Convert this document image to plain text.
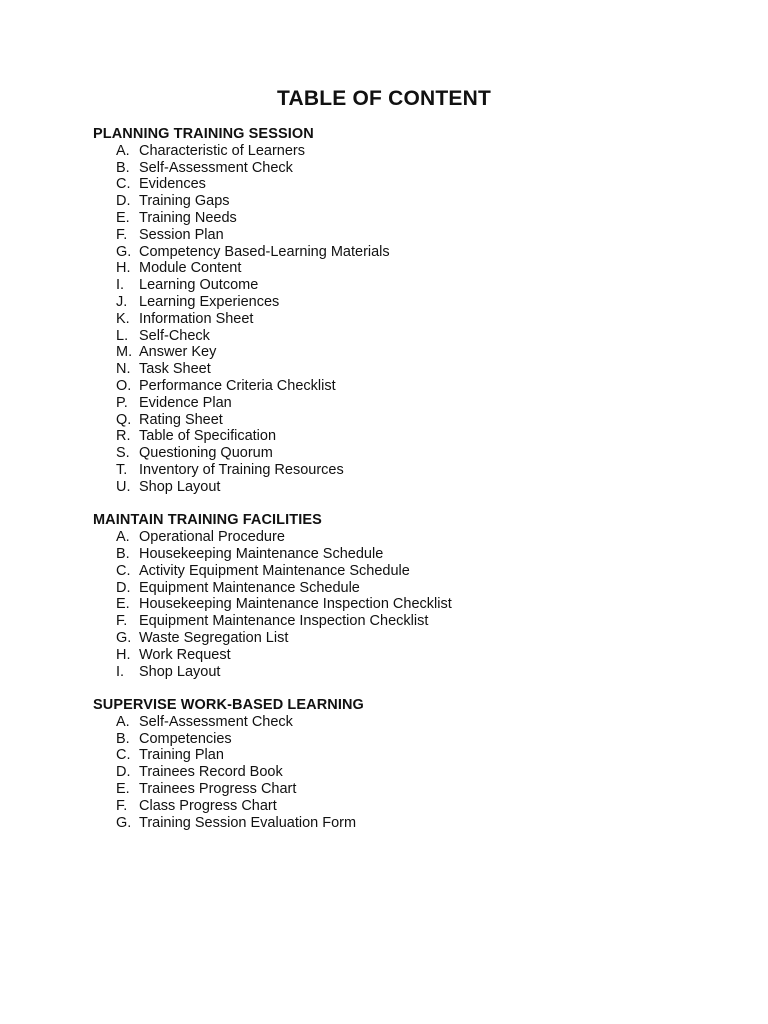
TABLE OF CONTENT
PLANNING TRAINING SESSION
A. Characteristic of Learners
B. Self-Assessment Check
C. Evidences
D. Training Gaps
E. Training Needs
F. Session Plan
G. Competency Based-Learning Materials
H. Module Content
I. Learning Outcome
J. Learning Experiences
K. Information Sheet
L. Self-Check
M. Answer Key
N. Task Sheet
O. Performance Criteria Checklist
P. Evidence Plan
Q. Rating Sheet
R. Table of Specification
S. Questioning Quorum
T. Inventory of Training Resources
U. Shop Layout
MAINTAIN TRAINING FACILITIES
A. Operational Procedure
B. Housekeeping Maintenance Schedule
C. Activity Equipment Maintenance Schedule
D. Equipment Maintenance Schedule
E. Housekeeping Maintenance Inspection Checklist
F. Equipment Maintenance Inspection Checklist
G. Waste Segregation List
H. Work Request
I. Shop Layout
SUPERVISE WORK-BASED LEARNING
A. Self-Assessment Check
B. Competencies
C. Training Plan
D. Trainees Record Book
E. Trainees Progress Chart
F. Class Progress Chart
G. Training Session Evaluation Form
